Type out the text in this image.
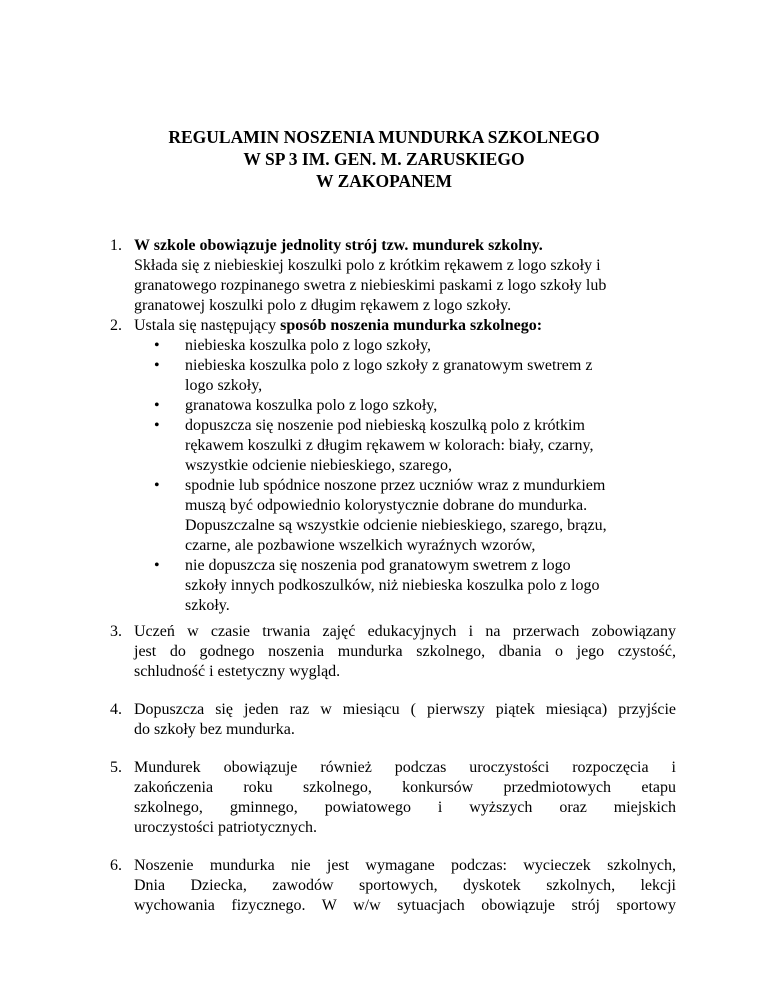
REGULAMIN NOSZENIA MUNDURKA SZKOLNEGO
W SP 3 IM. GEN. M. ZARUSKIEGO
W ZAKOPANEM
1. W szkole obowiązuje jednolity strój tzw. mundurek szkolny.
Składa się z niebieskiej koszulki polo z krótkim rękawem z logo szkoły i
granatowego rozpinanego swetra z niebieskimi paskami z logo szkoły lub
granatowej koszulki polo z długim rękawem z logo szkoły.
2. Ustala się następujący sposób noszenia mundurka szkolnego:
• niebieska koszulka polo z logo szkoły,
• niebieska koszulka polo z logo szkoły z granatowym swetrem z
logo szkoły,
• granatowa koszulka polo z logo szkoły,
• dopuszcza się noszenie pod niebieską koszulką polo z krótkim
rękawem koszulki z długim rękawem w kolorach: biały, czarny,
wszystkie odcienie niebieskiego, szarego,
• spodnie lub spódnice noszone przez uczniów wraz z mundurkiem
muszą być odpowiednio kolorystycznie dobrane do mundurka.
Dopuszczalne są wszystkie odcienie niebieskiego, szarego, brązu,
czarne, ale pozbawione wszelkich wyraźnych wzorów,
• nie dopuszcza się noszenia pod granatowym swetrem z logo
szkoły innych podkoszulków, niż niebieska koszulka polo z logo
szkoły.
3. Uczeń w czasie trwania zajęć edukacyjnych i na przerwach zobowiązany
jest do godnego noszenia mundurka szkolnego, dbania o jego czystość,
schludność i estetyczny wygląd.
4. Dopuszcza się jeden raz w miesiącu ( pierwszy piątek miesiąca) przyjście
do szkoły bez mundurka.
5. Mundurek obowiązuje również podczas uroczystości rozpoczęcia i
zakończenia roku szkolnego, konkursów przedmiotowych etapu
szkolnego, gminnego, powiatowego i wyższych oraz miejskich
uroczystości patriotycznych.
6. Noszenie mundurka nie jest wymagane podczas: wycieczek szkolnych,
Dnia Dziecka, zawodów sportowych, dyskotek szkolnych, lekcji
wychowania fizycznego. W w/w sytuacjach obowiązuje strój sportowy
